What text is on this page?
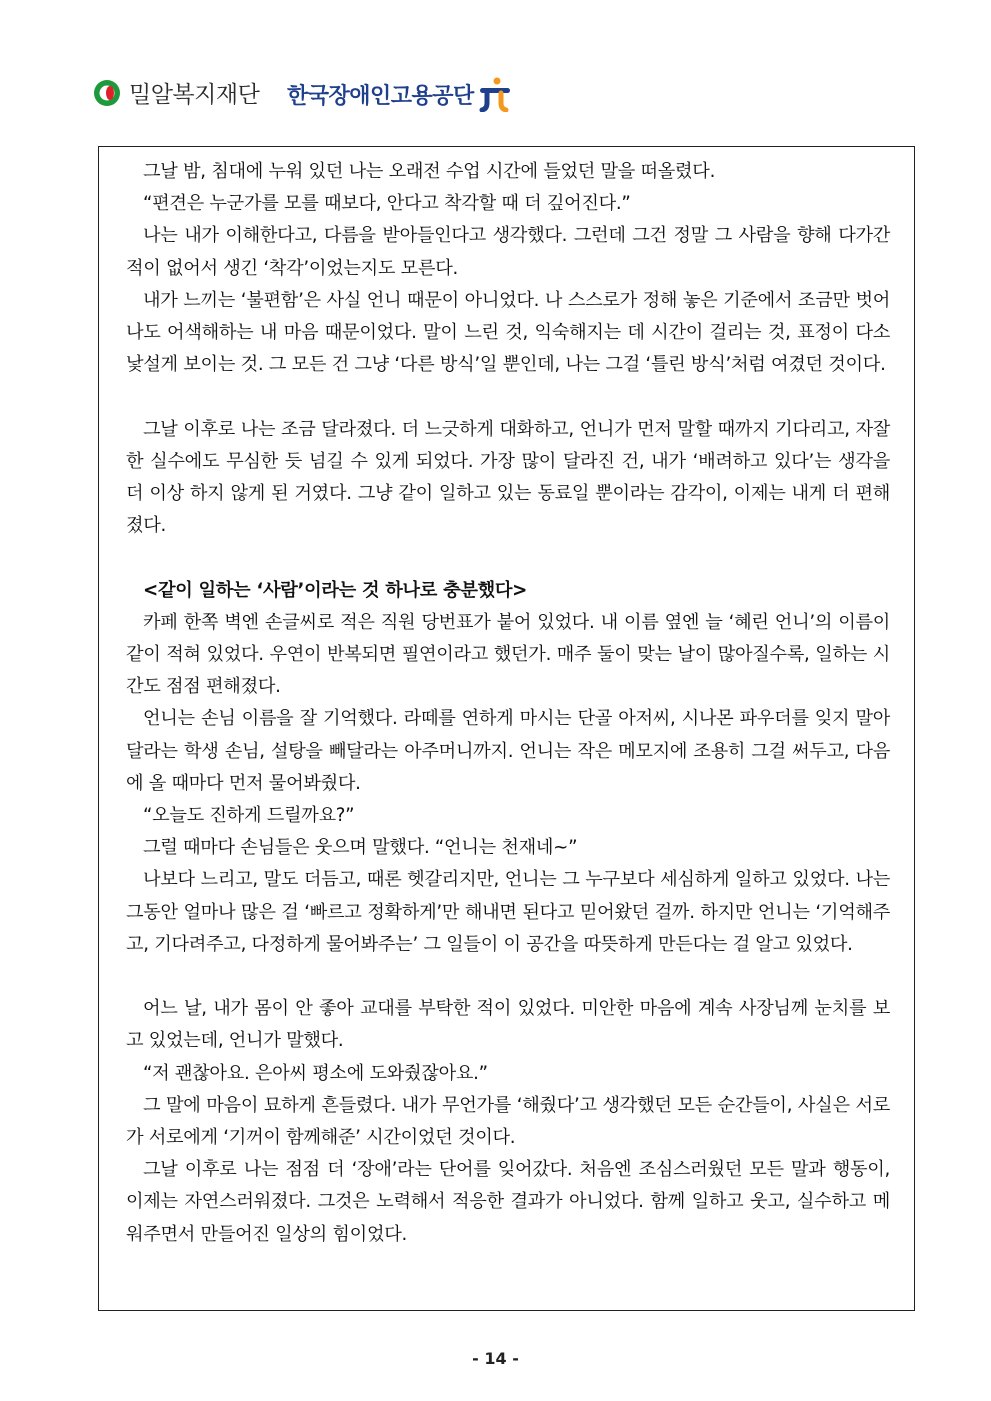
밀알복지재단 한국장애인고용공단

그날 밤, 침대에 누워 있던 나는 오래전 수업 시간에 들었던 말을 떠올렸다.

“편견은 누군가를 모를 때보다, 안다고 착각할 때 더 깊어진다.”

나는 내가 이해한다고, 다름을 받아들인다고 생각했다. 그런데 그건 정말 그 사람을 향해 다가간 적이 없어서 생긴 ‘착각’이었는지도 모른다.

내가 느끼는 ‘불편함’은 사실 언니 때문이 아니었다. 나 스스로가 정해 놓은 기준에서 조금만 벗어나도 어색해하는 내 마음 때문이었다. 말이 느린 것, 익숙해지는 데 시간이 걸리는 것, 표정이 다소 낯설게 보이는 것. 그 모든 건 그냥 ‘다른 방식’일 뿐인데, 나는 그걸 ‘틀린 방식’처럼 여겼던 것이다.

그날 이후로 나는 조금 달라졌다. 더 느긋하게 대화하고, 언니가 먼저 말할 때까지 기다리고, 자잘한 실수에도 무심한 듯 넘길 수 있게 되었다. 가장 많이 달라진 건, 내가 ‘배려하고 있다’는 생각을 더 이상 하지 않게 된 거였다. 그냥 같이 일하고 있는 동료일 뿐이라는 감각이, 이제는 내게 더 편해졌다.

<같이 일하는 ‘사람’이라는 것 하나로 충분했다>

카페 한쪽 벽엔 손글씨로 적은 직원 당번표가 붙어 있었다. 내 이름 옆엔 늘 ‘혜린 언니’의 이름이 같이 적혀 있었다. 우연이 반복되면 필연이라고 했던가. 매주 둘이 맞는 날이 많아질수록, 일하는 시간도 점점 편해졌다.

언니는 손님 이름을 잘 기억했다. 라떼를 연하게 마시는 단골 아저씨, 시나몬 파우더를 잊지 말아달라는 학생 손님, 설탕을 빼달라는 아주머니까지. 언니는 작은 메모지에 조용히 그걸 써두고, 다음에 올 때마다 먼저 물어봐줬다.

“오늘도 진하게 드릴까요?”

그럴 때마다 손님들은 웃으며 말했다. “언니는 천재네~”

나보다 느리고, 말도 더듬고, 때론 헷갈리지만, 언니는 그 누구보다 세심하게 일하고 있었다. 나는 그동안 얼마나 많은 걸 ‘빠르고 정확하게’만 해내면 된다고 믿어왔던 걸까. 하지만 언니는 ‘기억해주고, 기다려주고, 다정하게 물어봐주는’ 그 일들이 이 공간을 따뜻하게 만든다는 걸 알고 있었다.

어느 날, 내가 몸이 안 좋아 교대를 부탁한 적이 있었다. 미안한 마음에 계속 사장님께 눈치를 보고 있었는데, 언니가 말했다.

“저 괜찮아요. 은아씨 평소에 도와줬잖아요.”

그 말에 마음이 묘하게 흔들렸다. 내가 무언가를 ‘해줬다’고 생각했던 모든 순간들이, 사실은 서로가 서로에게 ‘기꺼이 함께해준’ 시간이었던 것이다.

그날 이후로 나는 점점 더 ‘장애’라는 단어를 잊어갔다. 처음엔 조심스러웠던 모든 말과 행동이, 이제는 자연스러워졌다. 그것은 노력해서 적응한 결과가 아니었다. 함께 일하고 웃고, 실수하고 메워주면서 만들어진 일상의 힘이었다.

- 14 -
